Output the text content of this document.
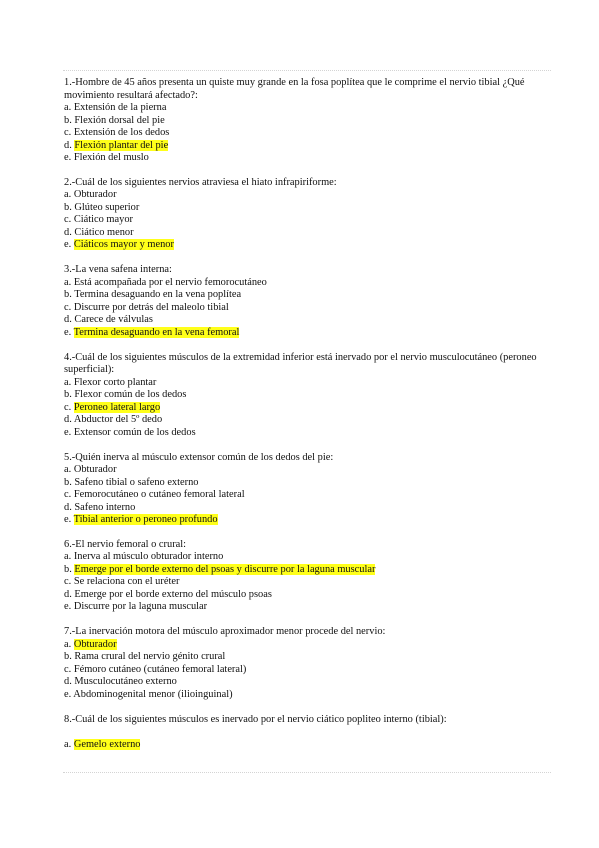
1.-Hombre de 45 años presenta un quiste muy grande en la fosa poplítea que le comprime el nervio tibial ¿Qué movimiento resultará afectado?:

a. Extensión de la pierna

b. Flexión dorsal del pie

c. Extensión de los dedos

d. Flexión plantar del pie

e. Flexión del muslo

2.-Cuál de los siguientes nervios atraviesa el hiato infrapiriforme:

a. Obturador

b. Glúteo superior

c. Ciático mayor

d. Ciático menor

e. Ciáticos mayor y menor

3.-La vena safena interna:

a. Está acompañada por el nervio femorocutáneo

b. Termina desaguando en la vena poplítea

c. Discurre por detrás del maleolo tibial

d. Carece de válvulas

e. Termina desaguando en la vena femoral

4.-Cuál de los siguientes músculos de la extremidad inferior está inervado por el nervio musculocutáneo (peroneo superficial):

a. Flexor corto plantar

b. Flexor común de los dedos

c. Peroneo lateral largo

d. Abductor del 5º dedo

e. Extensor común de los dedos

5.-Quién inerva al músculo extensor común de los dedos del pie:

a. Obturador

b. Safeno tibial o safeno externo

c. Femorocutáneo o cutáneo femoral lateral

d. Safeno interno

e. Tibial anterior o peroneo profundo

6.-El nervio femoral o crural:

a. Inerva al músculo obturador interno

b. Emerge por el borde externo del psoas y discurre por la laguna muscular

c. Se relaciona con el uréter

d. Emerge por el borde externo del músculo psoas

e. Discurre por la laguna muscular

7.-La inervación motora del músculo aproximador menor procede del nervio:

a. Obturador

b. Rama crural del nervio génito crural

c. Fémoro cutáneo (cutáneo femoral lateral)

d. Musculocutáneo externo

e. Abdominogenital menor (ilioinguinal)

8.-Cuál de los siguientes músculos es inervado por el nervio ciático popliteo interno (tibial):

a. Gemelo externo
